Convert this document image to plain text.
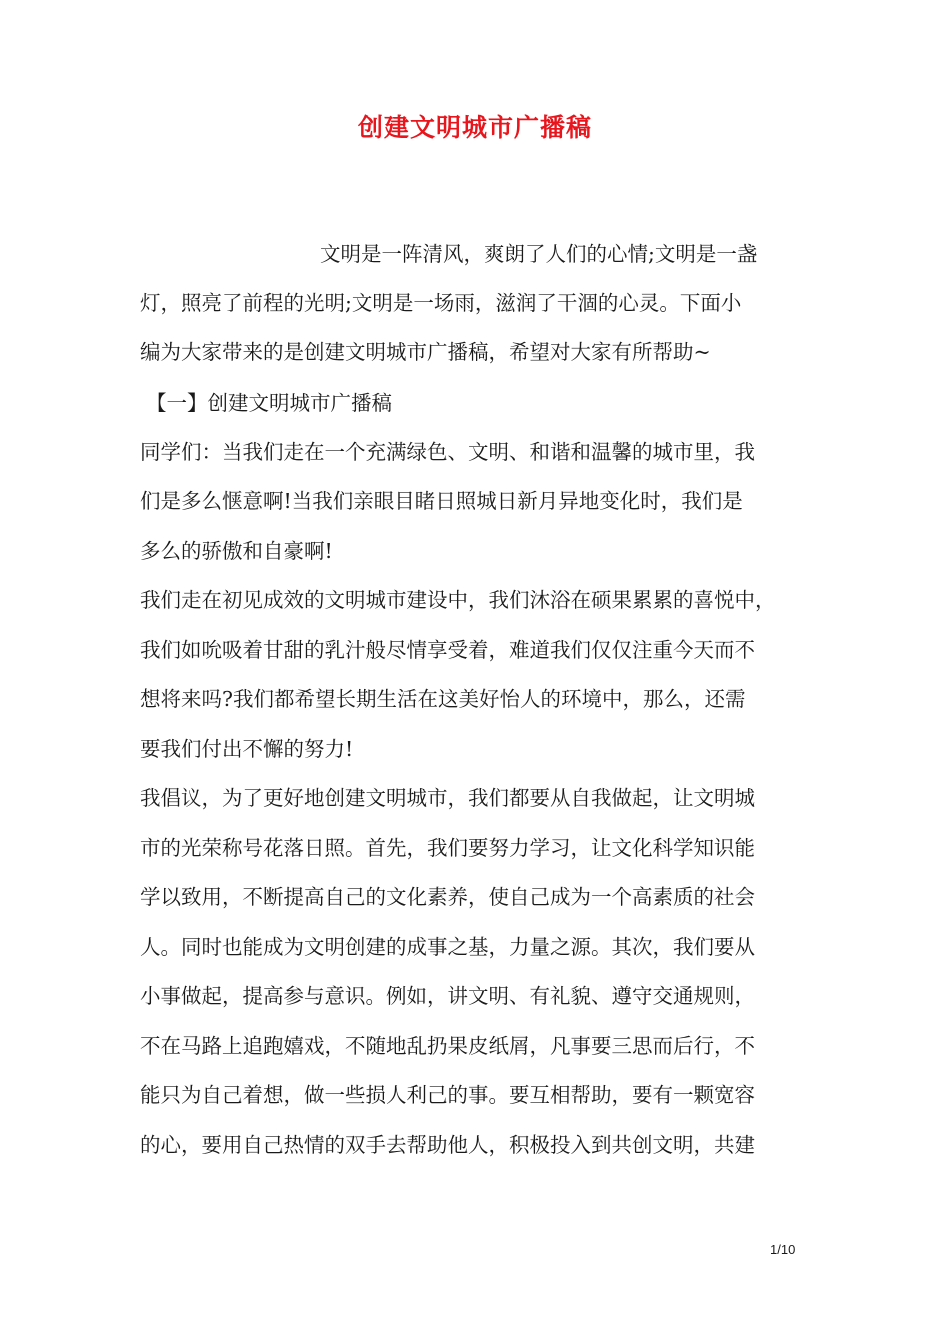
创建文明城市广播稿
文明是一阵清风，爽朗了人们的心情;文明是一盏
灯，照亮了前程的光明;文明是一场雨，滋润了干涸的心灵。下面小
编为大家带来的是创建文明城市广播稿，希望对大家有所帮助~
【一】创建文明城市广播稿
同学们：当我们走在一个充满绿色、文明、和谐和温馨的城市里，我
们是多么惬意啊!当我们亲眼目睹日照城日新月异地变化时，我们是
多么的骄傲和自豪啊!
我们走在初见成效的文明城市建设中，我们沐浴在硕果累累的喜悦中，
我们如吮吸着甘甜的乳汁般尽情享受着，难道我们仅仅注重今天而不
想将来吗?我们都希望长期生活在这美好怡人的环境中，那么，还需
要我们付出不懈的努力!
我倡议，为了更好地创建文明城市，我们都要从自我做起，让文明城
市的光荣称号花落日照。首先，我们要努力学习，让文化科学知识能
学以致用，不断提高自己的文化素养，使自己成为一个高素质的社会
人。同时也能成为文明创建的成事之基，力量之源。其次，我们要从
小事做起，提高参与意识。例如，讲文明、有礼貌、遵守交通规则，
不在马路上追跑嬉戏，不随地乱扔果皮纸屑，凡事要三思而后行，不
能只为自己着想，做一些损人利己的事。要互相帮助，要有一颗宽容
的心，要用自己热情的双手去帮助他人，积极投入到共创文明，共建
1/10
